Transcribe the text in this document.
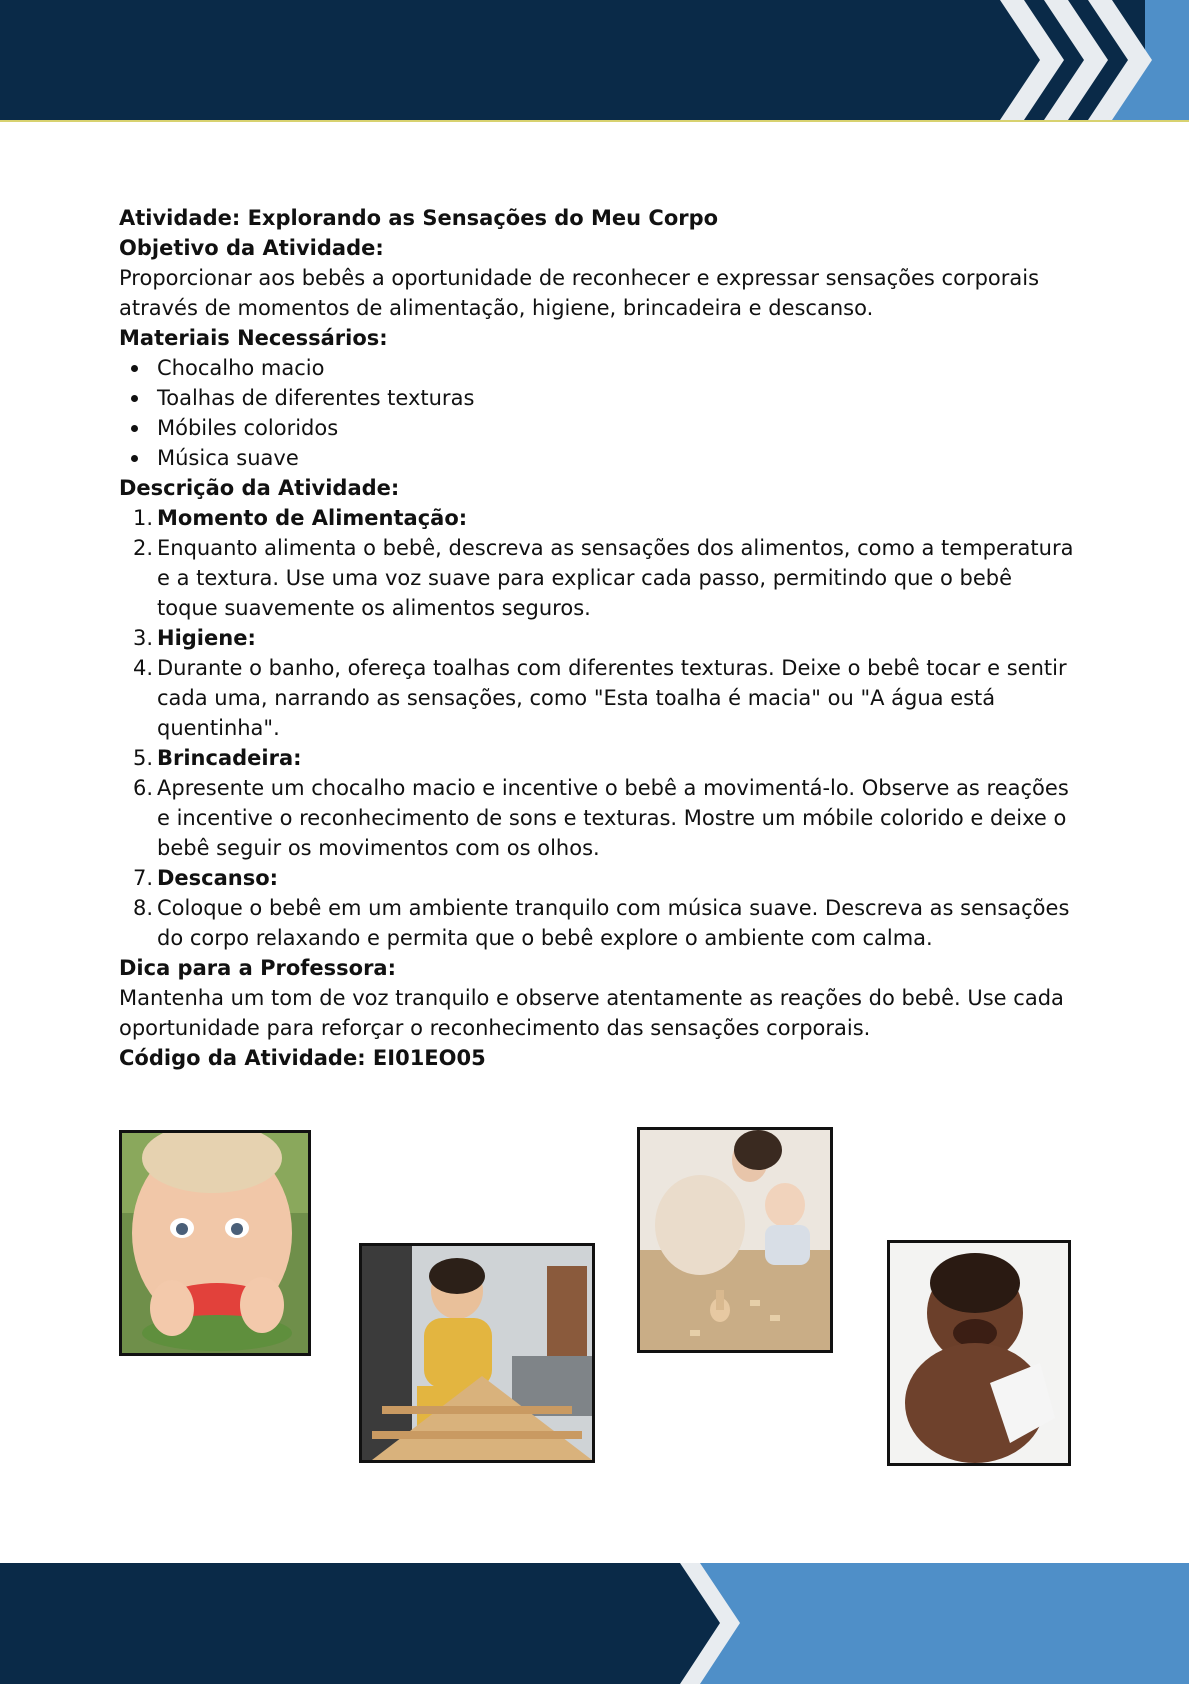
Atividade: Explorando as Sensações do Meu Corpo

Objetivo da Atividade:

Proporcionar aos bebês a oportunidade de reconhecer e expressar sensações corporais

através de momentos de alimentação, higiene, brincadeira e descanso.

Materiais Necessários:

Chocalho macio
Toalhas de diferentes texturas
Móbiles coloridos
Música suave

Descrição da Atividade:

1. Momento de Alimentação:
2. Enquanto alimenta o bebê, descreva as sensações dos alimentos, como a temperatura e a textura. Use uma voz suave para explicar cada passo, permitindo que o bebê toque suavemente os alimentos seguros.
3. Higiene:
4. Durante o banho, ofereça toalhas com diferentes texturas. Deixe o bebê tocar e sentir cada uma, narrando as sensações, como "Esta toalha é macia" ou "A água está quentinha".
5. Brincadeira:
6. Apresente um chocalho macio e incentive o bebê a movimentá-lo. Observe as reações e incentive o reconhecimento de sons e texturas. Mostre um móbile colorido e deixe o bebê seguir os movimentos com os olhos.
7. Descanso:
8. Coloque o bebê em um ambiente tranquilo com música suave. Descreva as sensações do corpo relaxando e permita que o bebê explore o ambiente com calma.

Dica para a Professora:

Mantenha um tom de voz tranquilo e observe atentamente as reações do bebê. Use cada

oportunidade para reforçar o reconhecimento das sensações corporais.

Código da Atividade: EI01EO05
